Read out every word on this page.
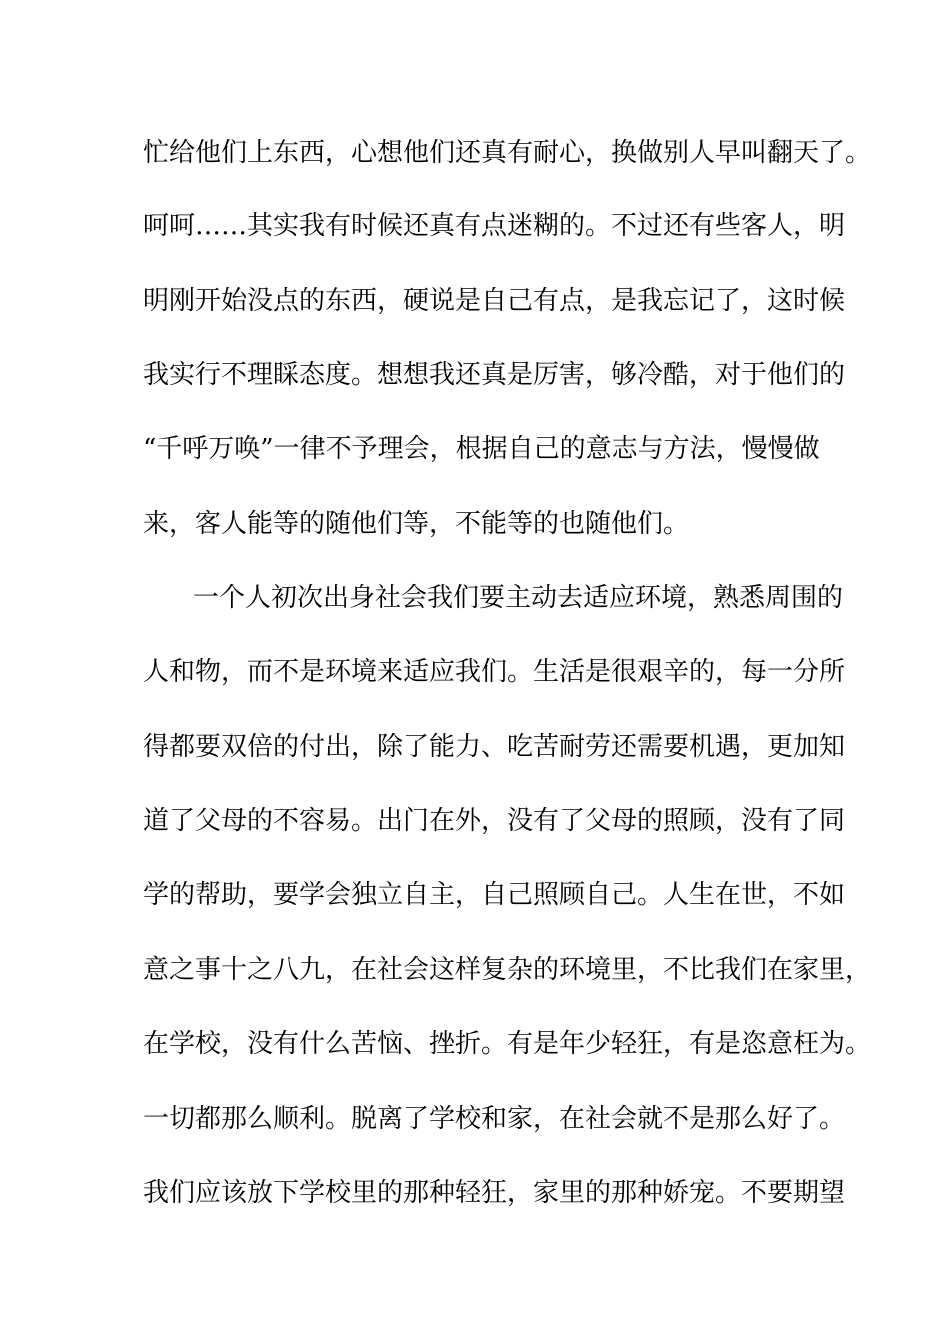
忙给他们上东西，心想他们还真有耐心，换做别人早叫翻天了。
呵呵……其实我有时候还真有点迷糊的。不过还有些客人，明
明刚开始没点的东西，硬说是自己有点，是我忘记了，这时候
我实行不理睬态度。想想我还真是厉害，够冷酷，对于他们的
“千呼万唤”一律不予理会，根据自己的意志与方法，慢慢做
来，客人能等的随他们等，不能等的也随他们。
一个人初次出身社会我们要主动去适应环境，熟悉周围的
人和物，而不是环境来适应我们。生活是很艰辛的，每一分所
得都要双倍的付出，除了能力、吃苦耐劳还需要机遇，更加知
道了父母的不容易。出门在外，没有了父母的照顾，没有了同
学的帮助，要学会独立自主，自己照顾自己。人生在世，不如
意之事十之八九，在社会这样复杂的环境里，不比我们在家里，
在学校，没有什么苦恼、挫折。有是年少轻狂，有是恣意枉为。
一切都那么顺利。脱离了学校和家，在社会就不是那么好了。
我们应该放下学校里的那种轻狂，家里的那种娇宠。不要期望
